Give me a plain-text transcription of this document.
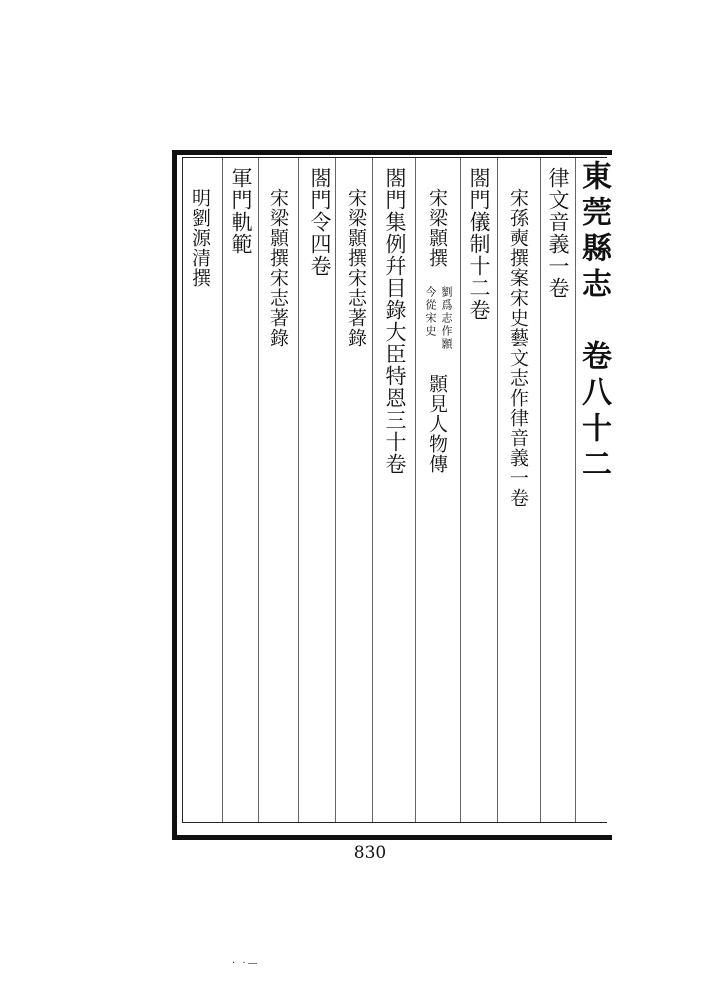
東莞縣志　卷八十二
律文音義一卷
宋孫奭撰案宋史藝文志作律音義一卷
閤門儀制十二卷
宋梁顥撰
劉爲志作顥
今從宋史
顥見人物傳
閤門集例幷目錄大臣特恩三十卷
宋梁顥撰宋志著錄
閤門令四卷
宋梁顥撰宋志著錄
軍門軌範
明劉源清撰
830
· ·—
